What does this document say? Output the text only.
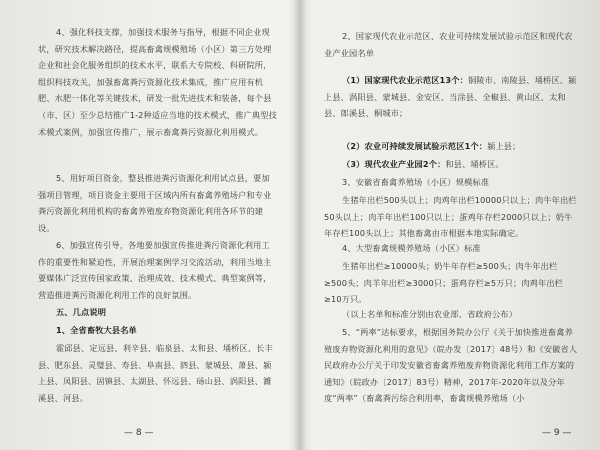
4、强化科技支撑，加强技术服务与指导，根据不同企业现状，研究技术解决路径，提高畜禽规模殖场（小区）第三方处理企业和社会化服务组织的技术水平，联系大专院校、科研院所，组织科技攻关，加强畜禽粪污资源化技术集成，推广应用有机肥、水肥一体化等关键技术，研发一批先进技术和装备，每个县（市、区）至少总结推广1-2种适应当地的技术模式，推广典型技术模式案例，加强宣传推广，展示畜禽粪污资源化利用模式。

5、用好项目资金，整县推进粪污资源化利用试点县，要加强项目管理，项目资金主要用于区域内所有畜禽养殖场户和专业粪污资源化利用机构的畜禽养殖废弃物资源化利用各环节的建设。

6、加强宣传引导，各地要加强宣传推进粪污资源化利用工作的重要性和紧迫性，开展治理案例学习交流活动，利用当地主要媒体广泛宣传国家政策、治理成效、技术模式、典型案例等，营造推进粪污资源化利用工作的良好氛围。

五、几点说明

1、全省畜牧大县名单

霍邱县、定远县、利辛县、临泉县、太和县、埇桥区、长丰县、肥东县、灵璧县、寿县、阜南县、泗县、蒙城县、萧县、颍上县、凤阳县、固镇县、太湖县、怀远县、砀山县、涡阳县、濉溪县、河县。

— 8 —

2、国家现代农业示范区、农业可持续发展试验示范区和现代农业产业园名单

（1）国家现代农业示范区13个：铜陵市、南陵县、埇桥区、颍上县、涡阳县、蒙城县、金安区、当涂县、全椒县、黄山区、太和县、郎溪县、桐城市；

（2）农业可持续发展试验示范区1个：颍上县；

（3）现代农业产业园2个：和县、埇桥区。

3、安徽省畜禽养殖场（小区）规模标准

生猪年出栏500头以上；肉鸡年出栏10000只以上；肉牛年出栏50头以上；肉羊年出栏100只以上；蛋鸡年存栏2000只以上；奶牛年存栏100头以上；其他畜禽由市根据本地实际确定。

4、大型畜禽规模养殖场（小区）标准

生猪年出栏≥10000头；奶牛年存栏≥500头；肉牛年出栏≥500头；肉羊年出栏≥3000只；蛋鸡存栏≥5万只；肉鸡年出栏≥10万只。

（以上名单和标准分别由农业部、省政府公布）

5、“两率”达标要求，根据国务院办公厅《关于加快推进畜禽养殖废弃物资源化利用的意见》（皖办发〔2017〕48号）和《安徽省人民政府办公厅关于印发安徽省畜禽养殖废弃物资源化利用工作方案的通知》（皖政办〔2017〕83号）精神，2017年-2020年以及分年度“两率”（畜禽粪污综合利用率，畜禽规模养殖场（小

— 9 —
